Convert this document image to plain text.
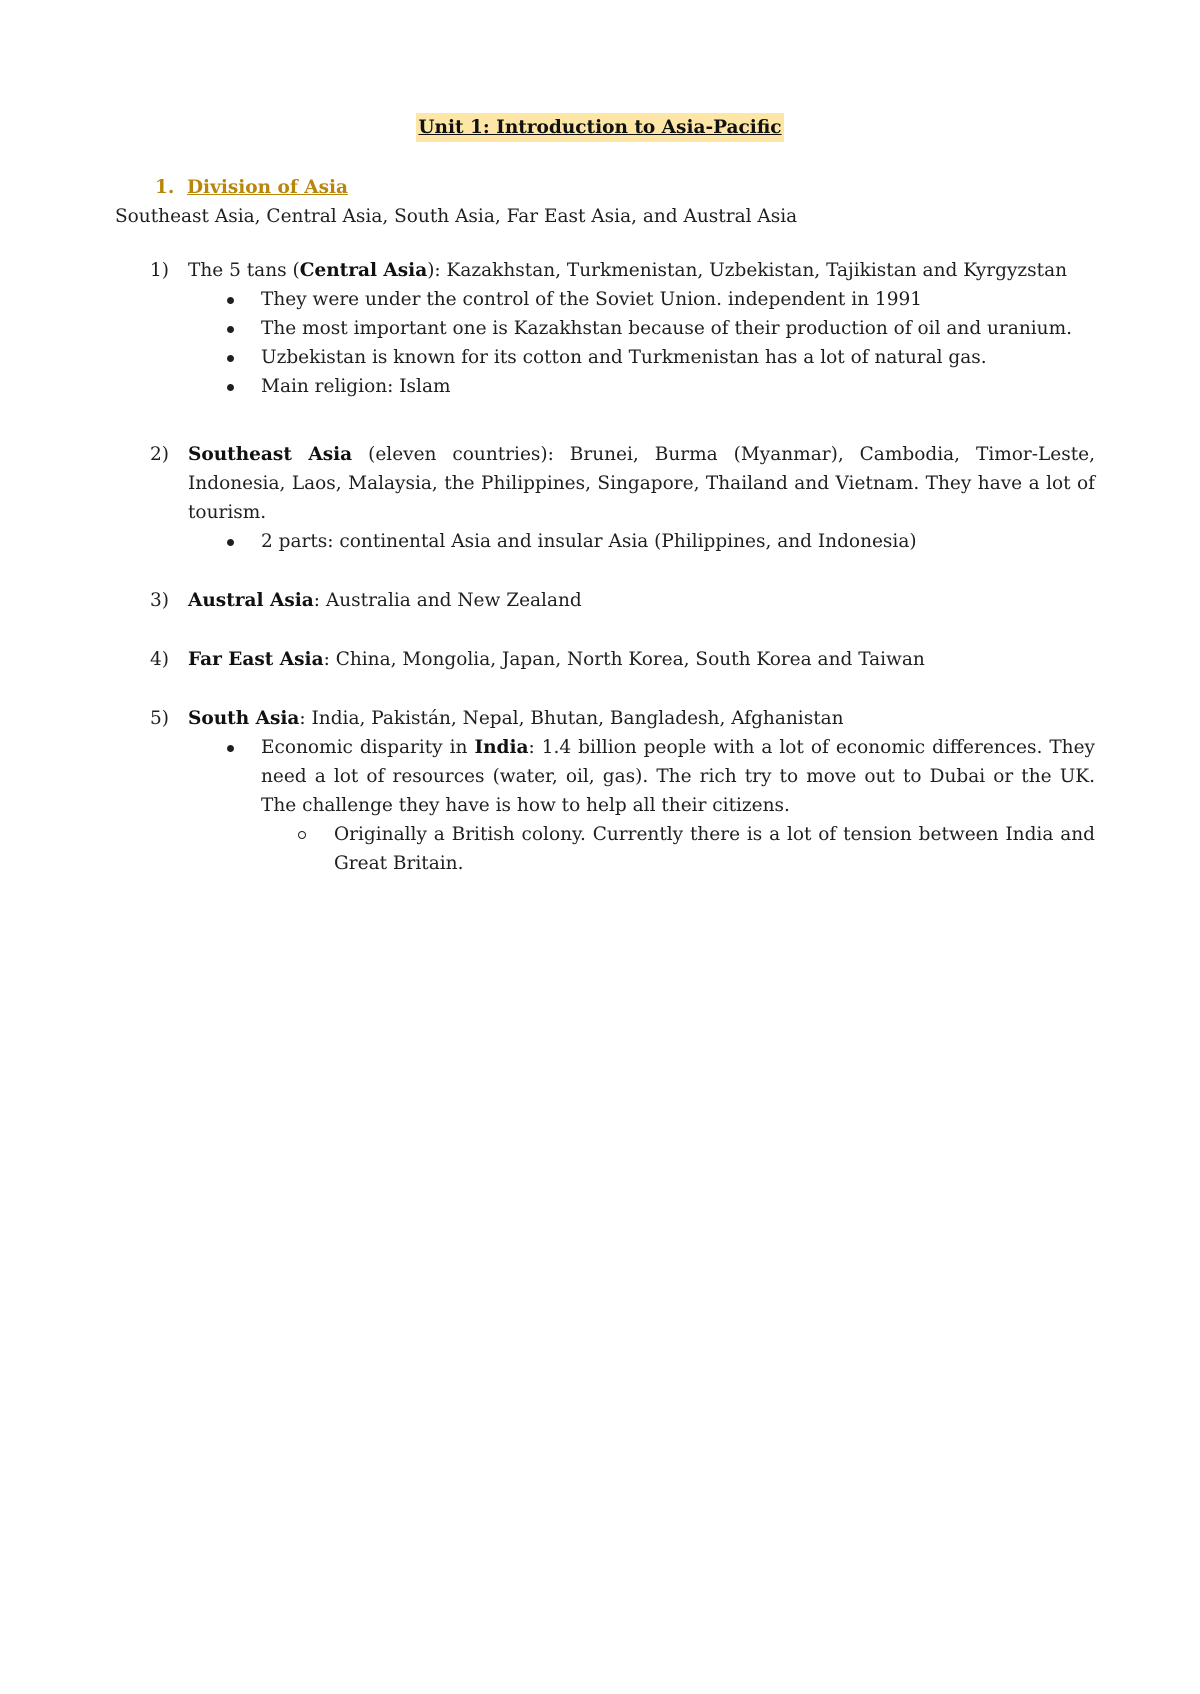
Unit 1: Introduction to Asia-Pacific
1. Division of Asia
Southeast Asia, Central Asia, South Asia, Far East Asia, and Austral Asia
1) The 5 tans (Central Asia): Kazakhstan, Turkmenistan, Uzbekistan, Tajikistan and Kyrgyzstan
They were under the control of the Soviet Union. independent in 1991
The most important one is Kazakhstan because of their production of oil and uranium.
Uzbekistan is known for its cotton and Turkmenistan has a lot of natural gas.
Main religion: Islam
2) Southeast Asia (eleven countries): Brunei, Burma (Myanmar), Cambodia, Timor-Leste, Indonesia, Laos, Malaysia, the Philippines, Singapore, Thailand and Vietnam. They have a lot of tourism.
2 parts: continental Asia and insular Asia (Philippines, and Indonesia)
3) Austral Asia: Australia and New Zealand
4) Far East Asia: China, Mongolia, Japan, North Korea, South Korea and Taiwan
5) South Asia: India, Pakistán, Nepal, Bhutan, Bangladesh, Afghanistan
Economic disparity in India: 1.4 billion people with a lot of economic differences. They need a lot of resources (water, oil, gas). The rich try to move out to Dubai or the UK. The challenge they have is how to help all their citizens.
Originally a British colony. Currently there is a lot of tension between India and Great Britain.
